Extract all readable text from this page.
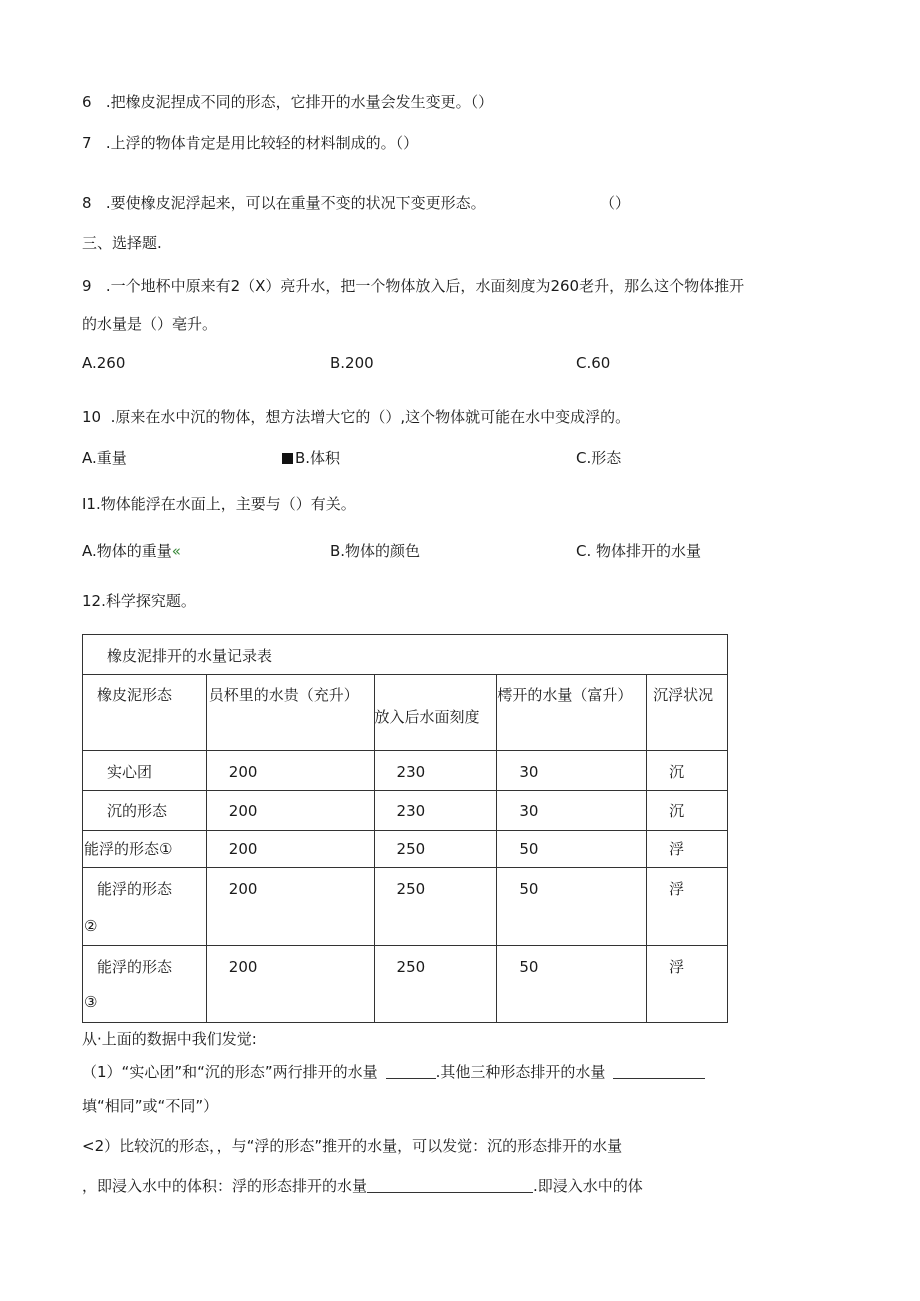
6   .把橡皮泥捏成不同的形态，它排开的水量会发生变更。（）
7   .上浮的物体肯定是用比较轻的材料制成的。（）
8   .要使橡皮泥浮起来，可以在重量不变的状况下变更形态。	（）
三、选择题.
9   .一个地杯中原来有2（X）亮升水，把一个物体放入后，水面刻度为260老升，那么这个物体推开
的水量是（）亳升。
A.260	B.200	C.60
10  .原来在水中沉的物体，想方法增大它的（）,这个物体就可能在水中变成浮的。
A.重量	B.体积	C.形态
I1.物体能浮在水面上，主要与（）有关。
A.物体的重量«	B.物体的颜色	C. 物体排开的水量
12.科学探究题。
橡皮泥排开的水量记录表				

橡皮泥形态	员杯里的水贵（充升）	放入后水面刻度	樗开的水量（富升）	沉浮状况

实心团	200	230	30	沉

沉的形态	200	230	30	沉

能浮的形态①	200	250	50	浮

能浮的形态
②	200	250	50	浮

能浮的形态
③	200	250	50	浮
从·上面的数据中我们发觉:
（1）“实心团”和“沉的形态”两行排开的水量	.其他三种形态排开的水量
填“相同”或“不同”）
<2）比较沉的形态，，与“浮的形态”推开的水量，可以发觉：沉的形态排开的水量
，即浸入水中的体积：浮的形态排开的水量	.即浸入水中的体
